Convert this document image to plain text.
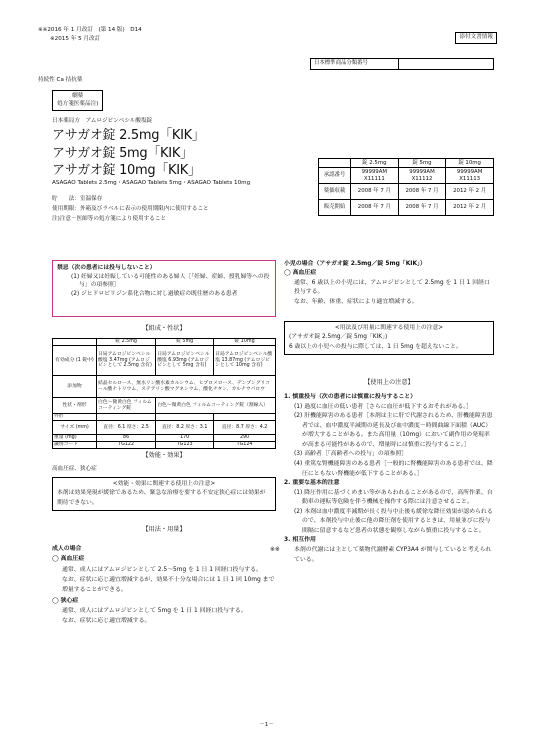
※※2016 年 1 月改訂　(第 14 版)　D14
※2015 年 5 月改訂	添付文書情報
日本標準商品分類番号
持続性 Ca 拮抗薬
劇薬
処方箋医薬品注)
日本薬局方　アムロジピンベシル酸塩錠
アサガオ錠 2.5mg「KIK」
アサガオ錠 5mg「KIK」
アサガオ錠 10mg「KIK」
ASAGAO Tablets 2.5mg・ASAGAO Tablets 5mg・ASAGAO Tablets 10mg
貯　　法：室温保存
使用期限：外箱及びラベルに表示の使用期限内に使用すること
注)注意－医師等の処方箋により使用すること
	錠 2.5mg	錠 5mg	錠 10mg
承認番号	99999AM X11111	99999AM X11112	99999AM X11113
薬価収載	2008 年 7 月	2008 年 7 月	2012 年 2 月
販売開始	2008 年 7 月	2008 年 7 月	2012 年 2 月
禁忌（次の患者には投与しないこと）
(1) 妊婦又は妊娠している可能性のある婦人［「妊婦、産婦、授乳婦等への投与」の項参照］
(2) ジヒドロピリジン系化合物に対し過敏症の既往歴のある患者
【組成・性状】
	錠 2.5mg	錠 5mg	錠 10mg
有効成分 (1 錠中)	日局アムロジピンベシル酸塩 3.47mg (アムロジピンとして 2.5mg 含有)	日局アムロジピンベシル酸塩 6.93mg (アムロジピンとして 5mg 含有)	日局アムロジピンベシル酸塩 13.87mg (アムロジピンとして 10mg 含有)
添加物	結晶セルロース、無水リン酸水素カルシウム、ヒプロメロース、デンプングリコール酸ナトリウム、ステアリン酸マグネシウム、酸化チタン、カルナウバロウ		
性状・剤形	白色～微黄白色 フィルムコーティング錠	白色～微黄白色 フィルムコーティング錠（割線入）	
外形			
サイズ (mm)	直径：6.1 厚さ：2.5	直径：8.2 厚さ：3.1	直径：8.7 厚さ：4.2
重量 (mg)	86	170	290
識別コード	TG122	TG123	TG124
【効能・効果】
高血圧症、狭心症
<効能・効果に関連する使用上の注意>
本剤は効果発現が緩徐であるため、緊急な治療を要する不安定狭心症には効果が期待できない。
【用法・用量】
成人の場合
◯ 高血圧症
通常、成人にはアムロジピンとして 2.5～5mg を 1 日 1 回経口投与する。
なお、症状に応じ適宜増減するが、効果不十分な場合には 1 日 1 回 10mg まで増量することができる。
◯ 狭心症
通常、成人にはアムロジピンとして 5mg を 1 日 1 回経口投与する。
なお、症状に応じ適宜増減する。
小児の場合（アサガオ錠 2.5mg／錠 5mg「KIK」）
◯ 高血圧症
通常、6 歳以上の小児には、アムロジピンとして 2.5mg を 1 日 1 回経口投与する。
なお、年齢、体重、症状により適宜増減する。
<用法及び用量に関連する使用上の注意>
(アサガオ錠 2.5mg／錠 5mg「KIK」)
6 歳以上の小児への投与に際しては、1 日 5mg を超えないこと。
【使用上の注意】
1. 慎重投与（次の患者には慎重に投与すること）
(1) 過度に血圧の低い患者［さらに血圧が低下するおそれがある。］
(2) 肝機能障害のある患者［本剤は主に肝で代謝されるため、肝機能障害患者では、血中濃度半減期の延長及び血中濃度－時間曲線下面積（AUC）が増大することがある。また高用量（10mg）において副作用の発現率が高まる可能性があるので、増量時には慎重に投与すること。］
(3) 高齢者［「高齢者への投与」の項参照］
(4) 重篤な腎機能障害のある患者［一般的に腎機能障害のある患者では、降圧にともない腎機能が低下することがある。］
2. 重要な基本的注意
(1) 降圧作用に基づくめまい等があらわれることがあるので、高所作業、自動車の運転等危険を伴う機械を操作する際には注意させること。
(2) 本剤は血中濃度半減期が長く投与中止後も緩徐な降圧効果が認められるので、本剤投与中止後に他の降圧剤を使用するときは、用量並びに投与間隔に留意するなど患者の状態を観察しながら慎重に投与すること。
3. 相互作用
※※ 本剤の代謝には主として薬物代謝酵素 CYP3A4 が関与していると考えられている。
－1－
